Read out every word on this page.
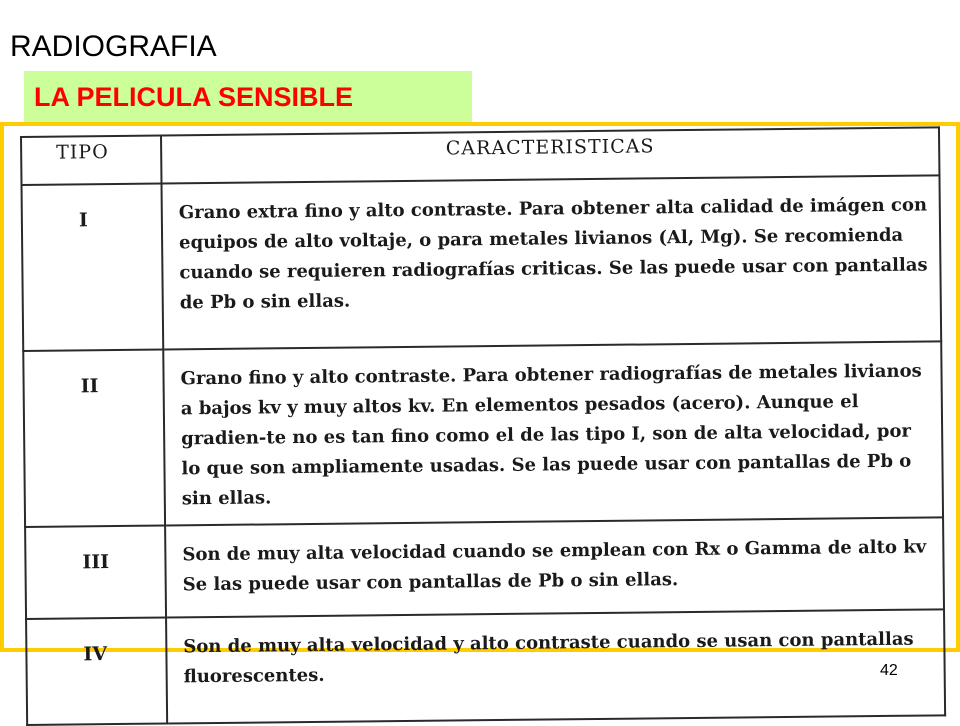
RADIOGRAFIA
LA PELICULA SENSIBLE
TIPO	CARACTERISTICAS
I	Grano extra fino y alto contraste. Para obtener alta calidad de imágen con equipos de alto voltaje, o para metales livianos (Al, Mg). Se recomienda cuando se requieren radiografías criticas. Se las puede usar con pantallas de Pb o sin ellas.
II	Grano fino y alto contraste. Para obtener radiografías de metales livianos a bajos kv y muy altos kv. En elementos pesados (acero). Aunque el gradien-te no es tan fino como el de las tipo I, son de alta velocidad, por lo que son ampliamente usadas. Se las puede usar con pantallas de Pb o sin ellas.
III	Son de muy alta velocidad cuando se emplean con Rx o Gamma de alto kv Se las puede usar con pantallas de Pb o sin ellas.
IV	Son de muy alta velocidad y alto contraste cuando se usan con pantallas fluorescentes.	42
